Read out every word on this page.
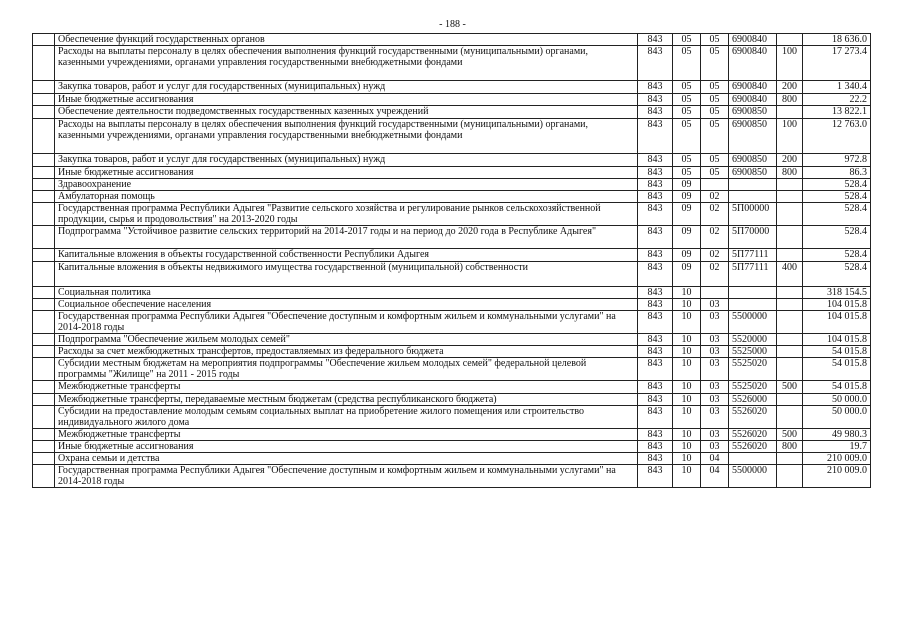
- 188 -
	Обеспечение функций государственных органов	843	05	05	6900840		18 636.0
	Расходы на выплаты персоналу в целях обеспечения выполнения функций государственными (муниципальными) органами, казенными учреждениями, органами управления государственными внебюджетными фондами	843	05	05	6900840	100	17 273.4
	Закупка товаров, работ и услуг для государственных (муниципальных) нужд	843	05	05	6900840	200	1 340.4
	Иные бюджетные ассигнования	843	05	05	6900840	800	22.2
	Обеспечение деятельности подведомственных государственных казенных учреждений	843	05	05	6900850		13 822.1
	Расходы на выплаты персоналу в целях обеспечения выполнения функций государственными (муниципальными) органами, казенными учреждениями, органами управления государственными внебюджетными фондами	843	05	05	6900850	100	12 763.0
	Закупка товаров, работ и услуг для государственных (муниципальных) нужд	843	05	05	6900850	200	972.8
	Иные бюджетные ассигнования	843	05	05	6900850	800	86.3
	Здравоохранение	843	09				528.4
	Амбулаторная помощь	843	09	02			528.4
	Государственная программа Республики Адыгея "Развитие сельского хозяйства и регулирование рынков сельскохозяйственной продукции, сырья и продовольствия" на 2013-2020 годы	843	09	02	5П00000		528.4
	Подпрограмма "Устойчивое развитие сельских территорий на 2014-2017 годы и на период до 2020 года в Республике Адыгея"	843	09	02	5П70000		528.4
	Капитальные вложения в объекты государственной собственности Республики Адыгея	843	09	02	5П77111		528.4
	Капитальные вложения в объекты недвижимого имущества государственной (муниципальной) собственности	843	09	02	5П77111	400	528.4
	Социальная политика	843	10				318 154.5
	Социальное обеспечение населения	843	10	03			104 015.8
	Государственная программа Республики Адыгея "Обеспечение доступным и комфортным жильем и коммунальными услугами" на 2014-2018 годы	843	10	03	5500000		104 015.8
	Подпрограмма "Обеспечение жильем молодых семей"	843	10	03	5520000		104 015.8
	Расходы за счет межбюджетных трансфертов, предоставляемых из федерального бюджета	843	10	03	5525000		54 015.8
	Субсидии местным бюджетам на мероприятия подпрограммы "Обеспечение жильем молодых семей" федеральной целевой программы "Жилище" на 2011 - 2015 годы	843	10	03	5525020		54 015.8
	Межбюджетные трансферты	843	10	03	5525020	500	54 015.8
	Межбюджетные трансферты, передаваемые местным бюджетам (средства республиканского бюджета)	843	10	03	5526000		50 000.0
	Субсидии на предоставление молодым семьям социальных выплат на приобретение жилого помещения или строительство индивидуального жилого дома	843	10	03	5526020		50 000.0
	Межбюджетные трансферты	843	10	03	5526020	500	49 980.3
	Иные бюджетные ассигнования	843	10	03	5526020	800	19.7
	Охрана семьи и детства	843	10	04			210 009.0
	Государственная программа Республики Адыгея "Обеспечение доступным и комфортным жильем и коммунальными услугами" на 2014-2018 годы	843	10	04	5500000		210 009.0
